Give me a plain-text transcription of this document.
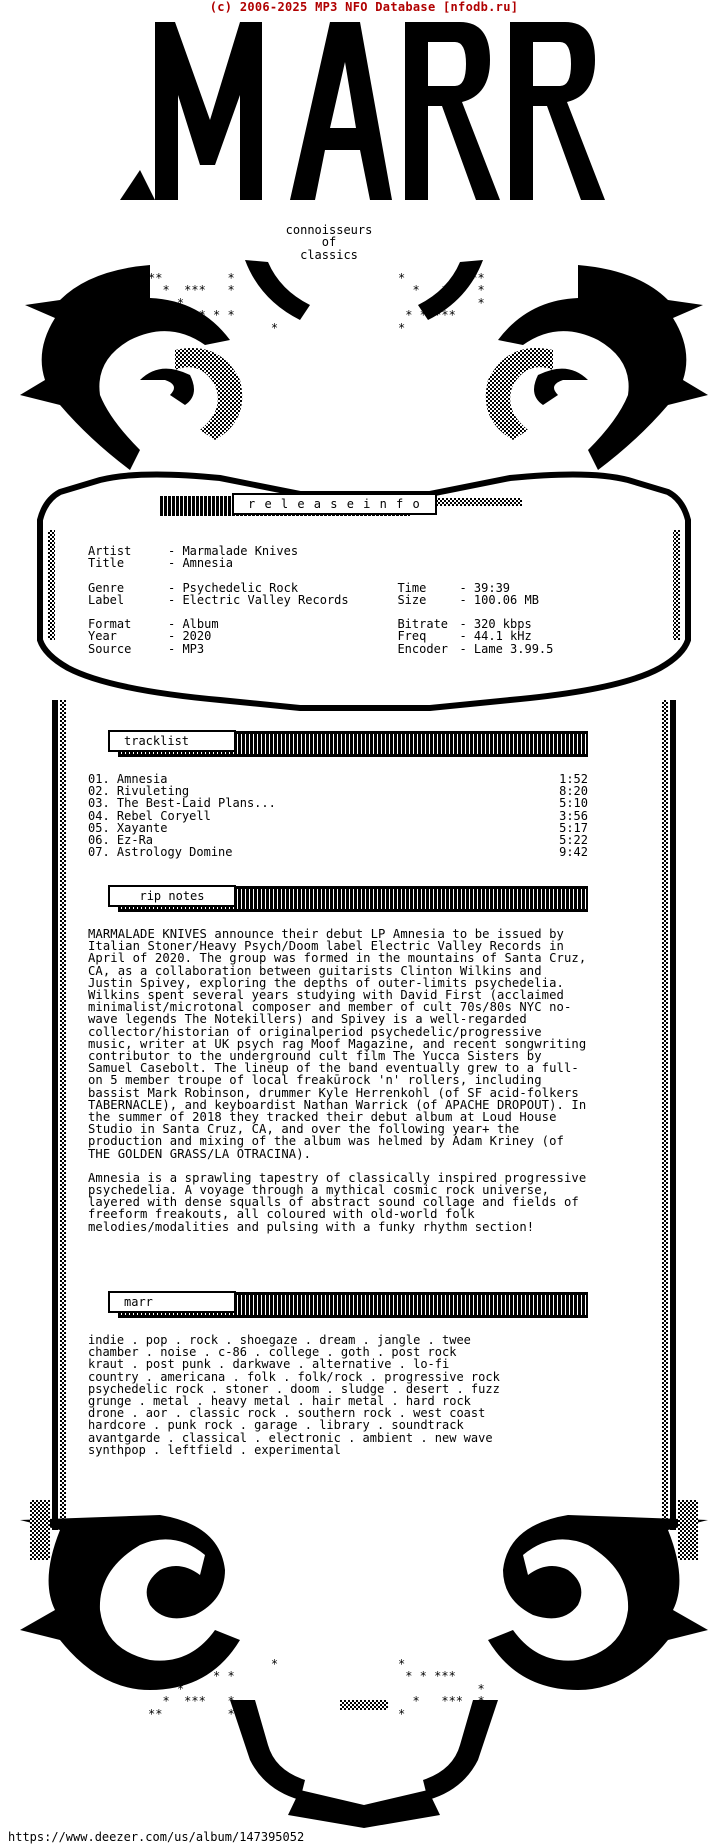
(c) 2006-2025 MP3 NFO Database [nfodb.ru]
connoisseurs
of
classics
**         *
*  ***   *
*
*** * *
*
*         **
*   ***  *
*
* * ***
*
r e l e a s e i n f o
Artist	- Marmalade Knives
Title	- Amnesia

Genre	- Psychedelic Rock	Time	- 39:39
Label	- Electric Valley Records	Size	- 100.06 MB

Format	- Album	Bitrate - 320 kbps
Year	- 2020	Freq	- 44.1 kHz
Source	- MP3	Encoder - Lame 3.99.5
tracklist
01. Amnesia	1:52
02. Rivuleting	8:20
03. The Best-Laid Plans...	5:10
04. Rebel Coryell	3:56
05. Xayante	5:17
06. Ez-Ra	5:22
07. Astrology Domine	9:42
rip notes

MARMALADE KNIVES announce their debut LP Amnesia to be issued by Italian Stoner/Heavy Psych/Doom label Electric Valley Records in April of 2020. The group was formed in the mountains of Santa Cruz, CA, as a collaboration between guitarists Clinton Wilkins and Justin Spivey, exploring the depths of outer-limits psychedelia. Wilkins spent several years studying with David First (acclaimed minimalist/microtonal composer and member of cult 70s/80s NYC no-wave legends The Notekillers) and Spivey is a well-regarded collector/historian of originalperiod psychedelic/progressive music, writer at UK psych rag Moof Magazine, and recent songwriting contributor to the underground cult film The Yucca Sisters by Samuel Casebolt. The lineup of the band eventually grew to a full-on 5 member troupe of local freakūrock 'n' rollers, including bassist Mark Robinson, drummer Kyle Herrenkohl (of SF acid-folkers TABERNACLE), and keyboardist Nathan Warrick (of APACHE DROPOUT). In the summer of 2018 they tracked their debut album at Loud House Studio in Santa Cruz, CA, and over the following year+ the production and mixing of the album was helmed by Adam Kriney (of THE GOLDEN GRASS/LA OTRACINA).

Amnesia is a sprawling tapestry of classically inspired progressive psychedelia. A voyage through a mythical cosmic rock universe, layered with dense squalls of abstract sound collage and fields of freeform freakouts, all coloured with old-world folk melodies/modalities and pulsing with a funky rhythm section!

marr
indie . pop . rock . shoegaze . dream . jangle . twee
chamber . noise . c-86 . college . goth . post rock
kraut . post punk . darkwave . alternative . lo-fi
country . americana . folk . folk/rock . progressive rock
psychedelic rock . stoner . doom . sludge . desert . fuzz
grunge . metal . heavy metal . hair metal . hard rock
drone . aor . classic rock . southern rock . west coast
hardcore . punk rock . garage . library . soundtrack
avantgarde . classical . electronic . ambient . new wave
synthpop . leftfield . experimental
*
*** * *
*
*  ***   *
**         *
*
* * ***
*
*   ***  *
*         **
https://www.deezer.com/us/album/147395052
